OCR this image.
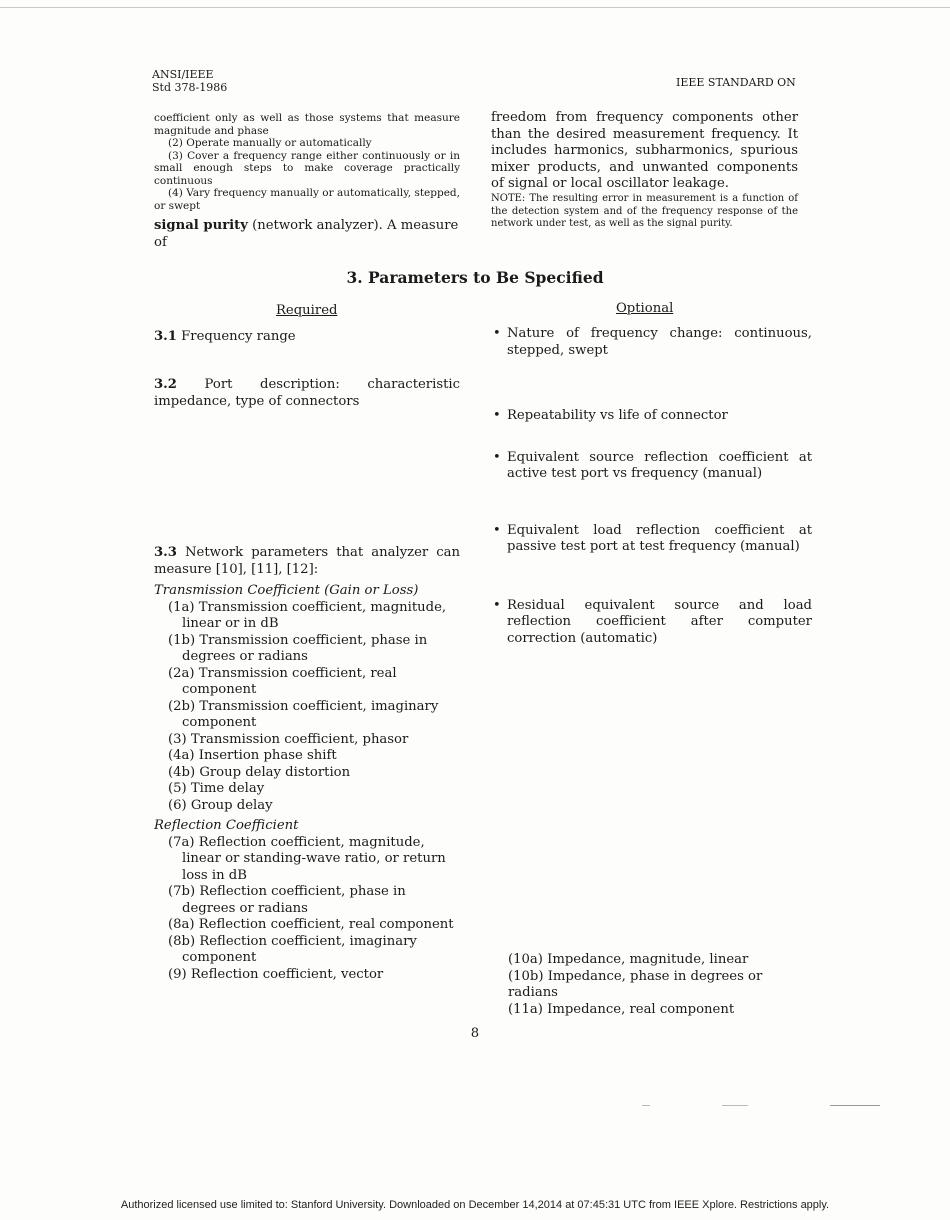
ANSI/IEEE
Std 378-1986	IEEE STANDARD ON

coefficient only as well as those systems that measure magnitude and phase

(2) Operate manually or automatically

(3) Cover a frequency range either continuously or in small enough steps to make coverage practically continuous

(4) Vary frequency manually or automatically, stepped, or swept

signal purity (network analyzer). A measure of
freedom from frequency components other than the desired measurement frequency. It includes harmonics, subharmonics, spurious mixer products, and unwanted components of signal or local oscillator leakage.
NOTE: The resulting error in measurement is a function of the detection system and of the frequency response of the network under test, as well as the signal purity.
3. Parameters to Be Specified
Required	Optional
3.1 Frequency range
3.2 Port description: characteristic impedance, type of connectors
3.3 Network parameters that analyzer can measure [10], [11], [12]:
Transmission Coefficient (Gain or Loss)

(1a) Transmission coefficient, magnitude, linear or in dB

(1b) Transmission coefficient, phase in degrees or radians

(2a) Transmission coefficient, real component

(2b) Transmission coefficient, imaginary component

(3) Transmission coefficient, phasor

(4a) Insertion phase shift

(4b) Group delay distortion

(5) Time delay

(6) Group delay

Reflection Coefficient

(7a) Reflection coefficient, magnitude, linear or standing-wave ratio, or return loss in dB

(7b) Reflection coefficient, phase in degrees or radians

(8a) Reflection coefficient, real component

(8b) Reflection coefficient, imaginary component

(9) Reflection coefficient, vector

• Nature of frequency change: continuous, stepped, swept
• Repeatability vs life of connector
• Equivalent source reflection coefficient at active test port vs frequency (manual)
• Equivalent load reflection coefficient at passive test port at test frequency (manual)
• Residual equivalent source and load reflection coefficient after computer correction (automatic)
(10a) Impedance, magnitude, linear
(10b) Impedance, phase in degrees or radians
(11a) Impedance, real component
8
Authorized licensed use limited to: Stanford University. Downloaded on December 14,2014 at 07:45:31 UTC from IEEE Xplore. Restrictions apply.
